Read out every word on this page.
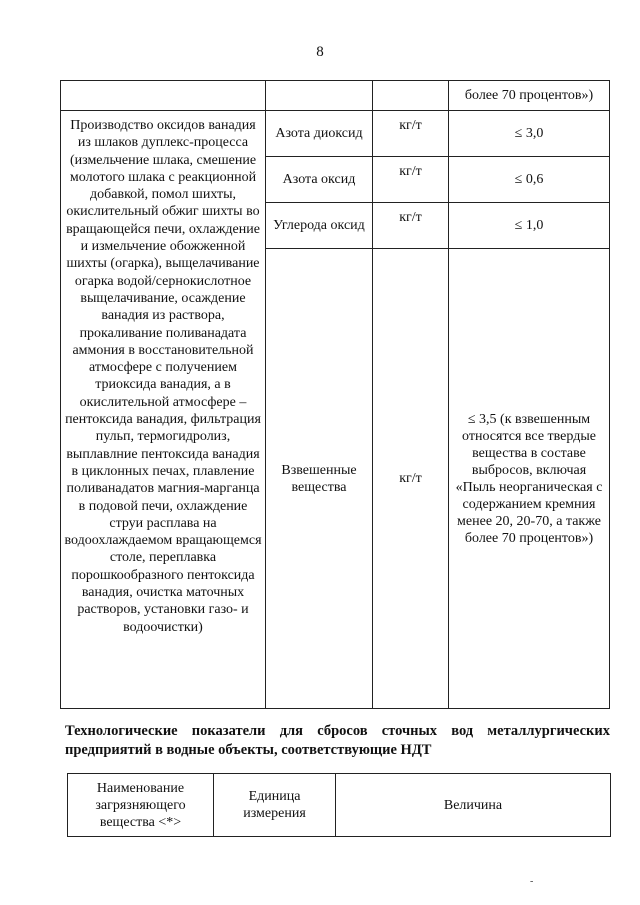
8
			более 70 процентов»)
Производство оксидов ванадия из шлаков дуплекс-процесса (измельчение шлака, смешение молотого шлака с реакционной добавкой, помол шихты, окислительный обжиг шихты во вращающейся печи, охлаждение и измельчение обожженной шихты (огарка), выщелачивание огарка водой/сернокислотное выщелачивание, осаждение ванадия из раствора, прокаливание поливанадата аммония в восстановительной атмосфере с получением триоксида ванадия, а в окислительной атмосфере – пентоксида ванадия, фильтрация пульп, термогидролиз, выплавлние пентоксида ванадия в циклонных печах, плавление поливанадатов магния-марганца в подовой печи, охлаждение струи расплава на водоохлаждаемом вращающемся столе, переплавка порошкообразного пентоксида ванадия, очистка маточных растворов, установки газо- и водоочистки)	Азота диоксид	кг/т	≤ 3,0
	Азота оксид	кг/т	≤ 0,6
	Углерода оксид	кг/т	≤ 1,0
	Взвешенные вещества	кг/т	≤ 3,5 (к взвешенным относятся все твердые вещества в составе выбросов, включая «Пыль неорганическая с содержанием кремния менее 20, 20-70, а также более 70 процентов»)
Технологические показатели для сбросов сточных вод металлургических предприятий в водные объекты, соответствующие НДТ
Наименование загрязняющего вещества <*>	Единица измерения	Величина
-
